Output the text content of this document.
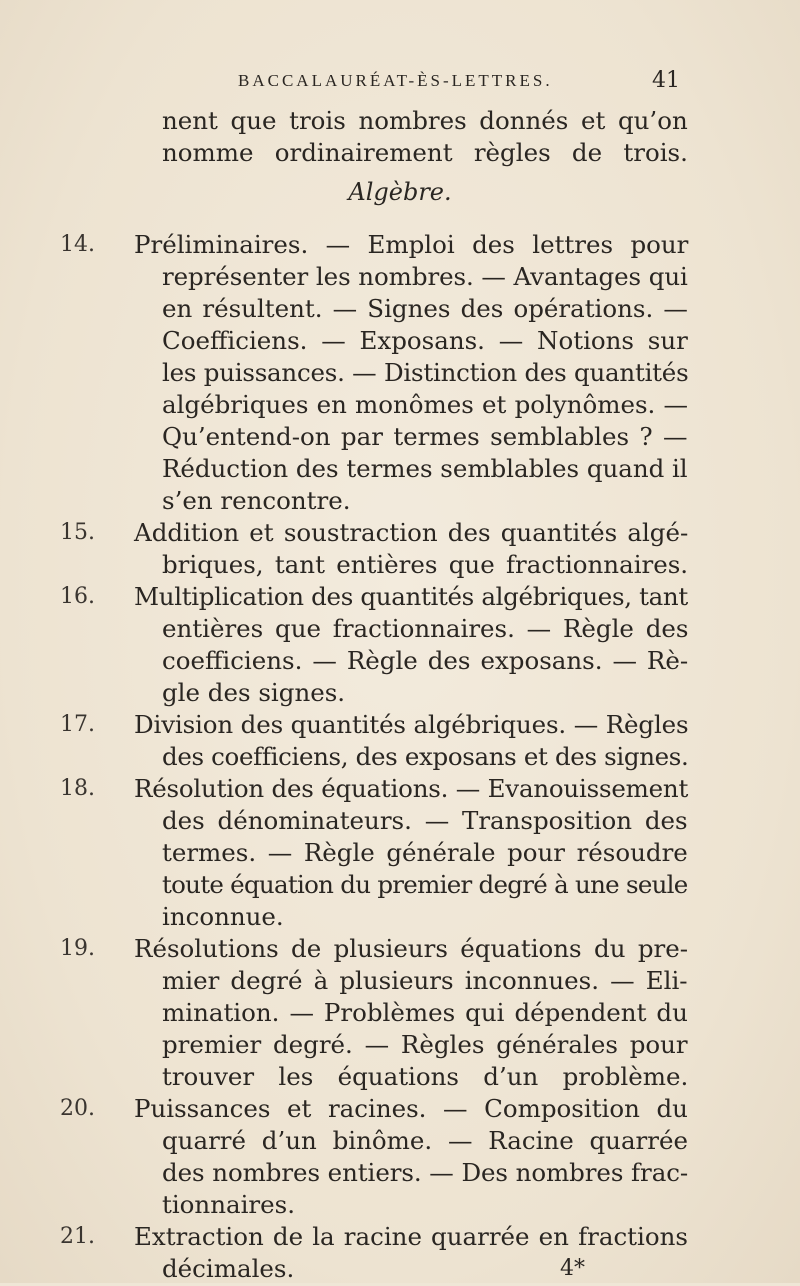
BACCALAURÉAT-ÈS-LETTRES.	41
nent que trois nombres donnés et qu’on
nomme ordinairement règles de trois.
Algèbre.
14. Préliminaires. — Emploi des lettres pour
représenter les nombres. — Avantages qui
en résultent. — Signes des opérations. —
Coefficiens. — Exposans. — Notions sur
les puissances. — Distinction des quantités
algébriques en monômes et polynômes. —
Qu’entend-on par termes semblables ? —
Réduction des termes semblables quand il
s’en rencontre.
15. Addition et soustraction des quantités algé-
briques, tant entières que fractionnaires.
16. Multiplication des quantités algébriques, tant
entières que fractionnaires. — Règle des
coefficiens. — Règle des exposans. — Rè-
gle des signes.
17. Division des quantités algébriques. — Règles
des coefficiens, des exposans et des signes.
18. Résolution des équations. — Evanouissement
des dénominateurs. — Transposition des
termes. — Règle générale pour résoudre
toute équation du premier degré à une seule
inconnue.
19. Résolutions de plusieurs équations du pre-
mier degré à plusieurs inconnues. — Eli-
mination. — Problèmes qui dépendent du
premier degré. — Règles générales pour
trouver les équations d’un problème.
20. Puissances et racines. — Composition du
quarré d’un binôme. — Racine quarrée
des nombres entiers. — Des nombres frac-
tionnaires.
21. Extraction de la racine quarrée en fractions
décimales.	4*
